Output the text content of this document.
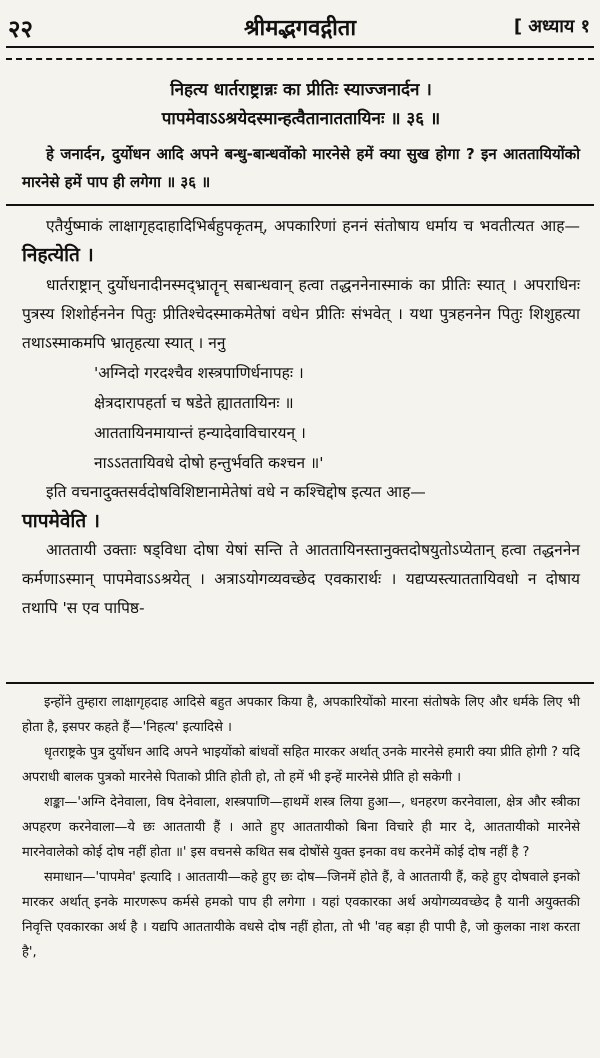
२२	श्रीमद्भगवद्गीता	[ अध्याय १

निहत्य धार्तराष्ट्रान्नः का प्रीतिः स्याज्जनार्दन ।

पापमेवाऽऽश्रयेदस्मान्हत्वैतानाततायिनः ॥ ३६ ॥

हे जनार्दन, दुर्योधन आदि अपने बन्धु-बान्धवोंको मारनेसे हमें क्या सुख होगा ? इन आततायियोंको मारनेसे हमें पाप ही लगेगा ॥ ३६ ॥

एतैर्युष्माकं लाक्षागृहदाहादिभिर्बहुपकृतम्, अपकारिणां हननं संतोषाय धर्माय च भवतीत्यत आह—निहत्येति ।

धार्तराष्ट्रान् दुर्योधनादीनस्मद्भ्रातॄन् सबान्धवान् हत्वा तद्धननेनास्माकं का प्रीतिः स्यात् । अपराधिनः पुत्रस्य शिशोर्हननेन पितुः प्रीतिश्चेदस्माकमेतेषां वधेन प्रीतिः संभवेत् । यथा पुत्रहननेन पितुः शिशुहत्या तथाऽस्माकमपि भ्रातृहत्या स्यात् । ननु

'अग्निदो गरदश्चैव शस्त्रपाणिर्धनापहः ।

क्षेत्रदारापहर्ता च षडेते ह्याततायिनः ॥

आततायिनमायान्तं हन्यादेवाविचारयन् ।

नाऽऽततायिवधे दोषो हन्तुर्भवति कश्चन ॥'

इति वचनादुक्तसर्वदोषविशिष्टानामेतेषां वधे न कश्चिद्दोष इत्यत आह—

पापमेवेति ।

आततायी उक्ताः षड्विधा दोषा येषां सन्ति ते आततायिनस्तानुक्तदोषयुतोऽप्येतान् हत्वा तद्धननेन कर्मणाऽस्मान् पापमेवाऽऽश्रयेत् । अत्राऽयोगव्यवच्छेद एवकारार्थः । यद्यप्यस्त्याततायिवधो न दोषाय तथापि 'स एव पापिष्ठ-

इन्होंने तुम्हारा लाक्षागृहदाह आदिसे बहुत अपकार किया है, अपकारियोंको मारना संतोषके लिए और धर्मके लिए भी होता है, इसपर कहते हैं—'निहत्य' इत्यादिसे ।

धृतराष्ट्रके पुत्र दुर्योधन आदि अपने भाइयोंको बांधवों सहित मारकर अर्थात् उनके मारनेसे हमारी क्या प्रीति होगी ? यदि अपराधी बालक पुत्रको मारनेसे पिताको प्रीति होती हो, तो हमें भी इन्हें मारनेसे प्रीति हो सकेगी ।

शङ्का—'अग्नि देनेवाला, विष देनेवाला, शस्त्रपाणि—हाथमें शस्त्र लिया हुआ—, धनहरण करनेवाला, क्षेत्र और स्त्रीका अपहरण करनेवाला—ये छः आततायी हैं । आते हुए आततायीको बिना विचारे ही मार दे, आततायीको मारनेसे मारनेवालेको कोई दोष नहीं होता ॥' इस वचनसे कथित सब दोषोंसे युक्त इनका वध करनेमें कोई दोष नहीं है ?

समाधान—'पापमेव' इत्यादि । आततायी—कहे हुए छः दोष—जिनमें होते हैं, वे आततायी हैं, कहे हुए दोषवाले इनको मारकर अर्थात् इनके मारणरूप कर्मसे हमको पाप ही लगेगा । यहां एवकारका अर्थ अयोगव्यवच्छेद है यानी अयुक्तकी निवृत्ति एवकारका अर्थ है । यद्यपि आततायीके वधसे दोष नहीं होता, तो भी 'वह बड़ा ही पापी है, जो कुलका नाश करता है',
